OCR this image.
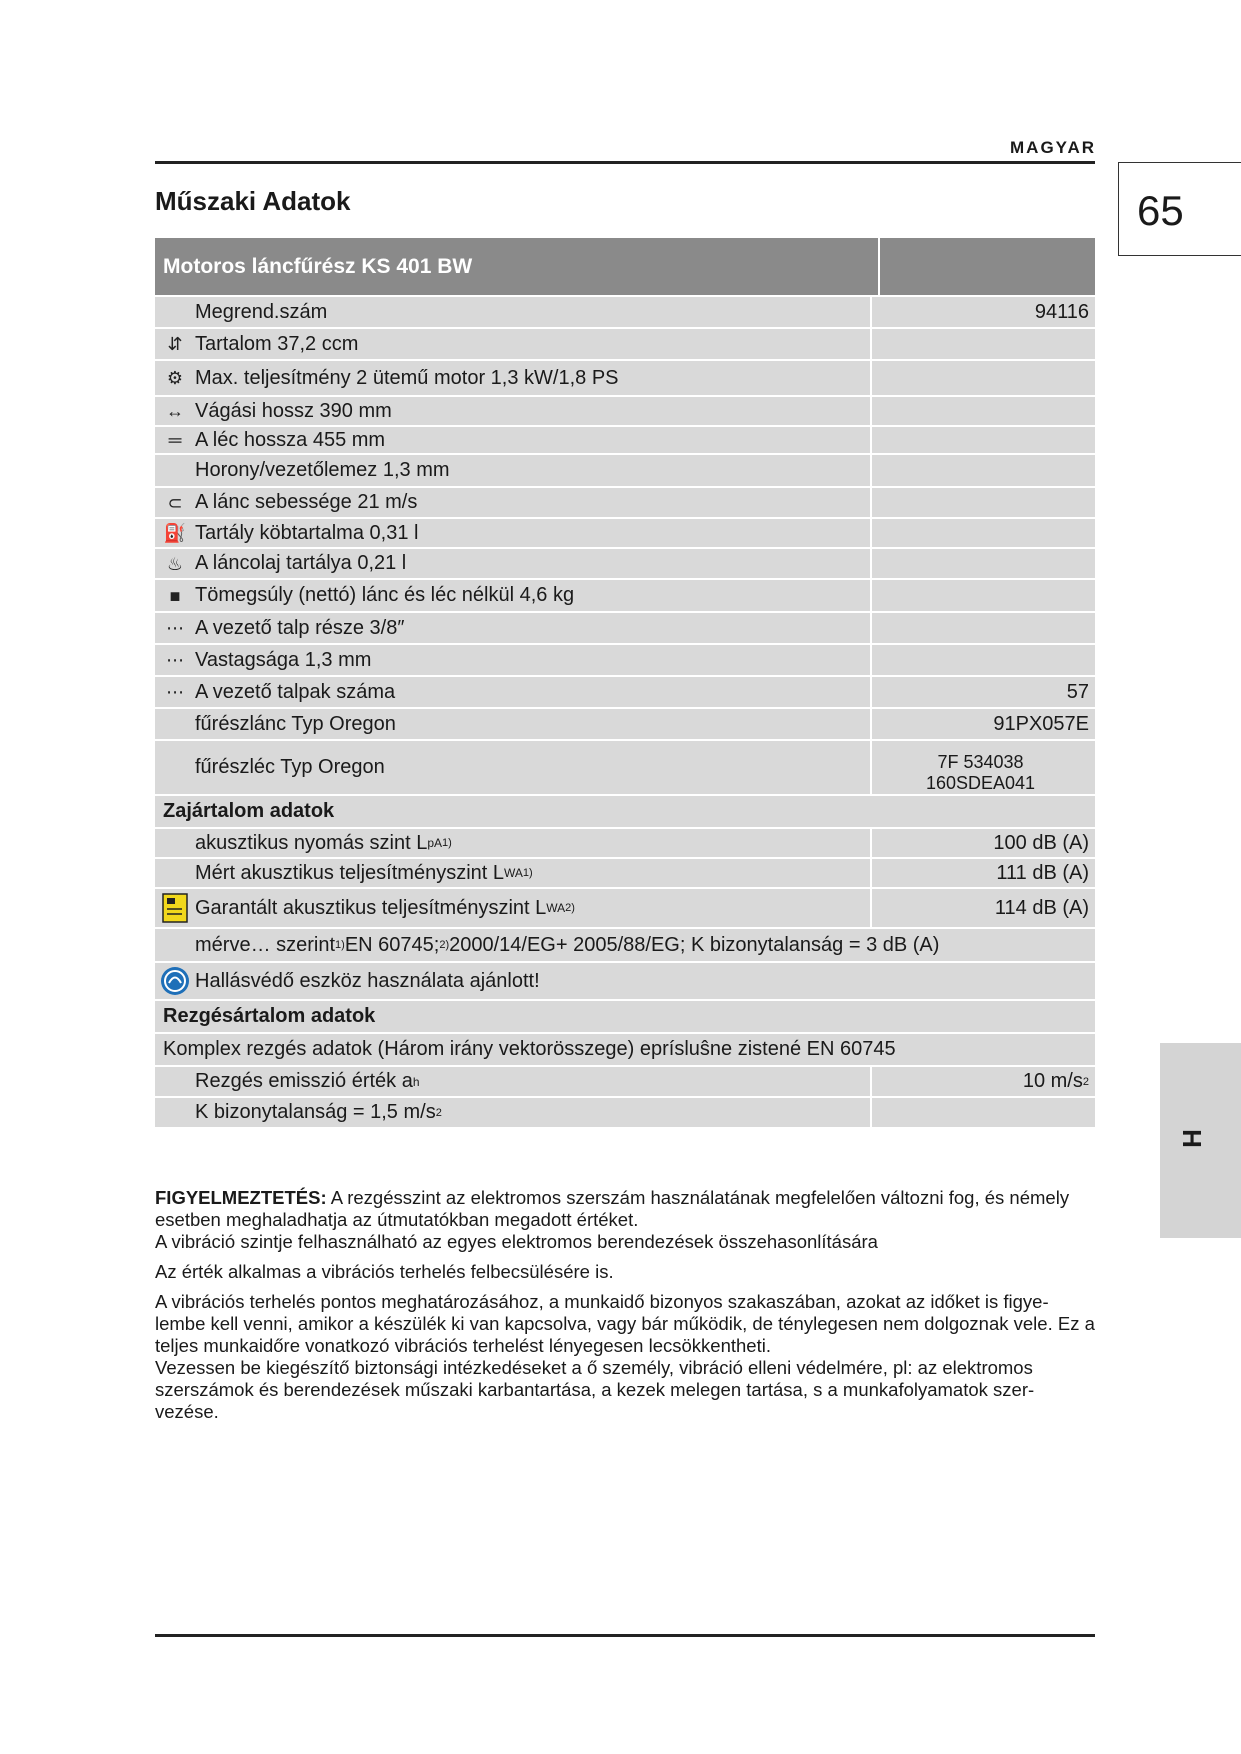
MAGYAR
Műszaki Adatok	65
H
Motoros láncfűrész KS 401 BW
Megrend.szám	94116
⇵ Tartalom 37,2 ccm
⚙ Max. teljesítmény 2 ütemű motor 1,3 kW/1,8 PS
↔ Vágási hossz 390 mm
═ A léc hossza 455 mm
Horony/vezetőlemez 1,3 mm
⊂ A lánc sebessége 21 m/s
⛽ Tartály köbtartalma 0,31 l
♨ A láncolaj tartálya 0,21 l
■ Tömegsúly (nettó) lánc és léc nélkül 4,6 kg
⋯ A vezető talp része 3/8″
⋯ Vastagsága 1,3 mm
⋯ A vezető talpak száma	57
fűrészlánc Typ Oregon	91PX057E
fűrészléc Typ Oregon	7F 534038
160SDEA041
Zajártalom adatok
akusztikus nyomás szint L pA 1)	100 dB (A)
Mért akusztikus teljesítményszint L WA 1)	111 dB (A)
Garantált akusztikus teljesítményszint L WA 2)	114 dB (A)
mérve… szerint 1) EN 60745; 2) 2000/14/EG+ 2005/88/EG; K bizonytalanság = 3 dB (A)
Hallásvédő eszköz használata ajánlott!
Rezgésártalom adatok
Komplex rezgés adatok (Három irány vektorösszege) eprísluŝne zistené EN 60745
Rezgés emisszió érték a h	10 m/s 2
K bizonytalanság = 1,5 m/s 2

FIGYELMEZTETÉS: A rezgésszint az elektromos szerszám használatának megfelelően változni fog, és némely esetben meghaladhatja az útmutatókban megadott értéket.

A vibráció szintje felhasználható az egyes elektromos berendezések összehasonlítására

Az érték alkalmas a vibrációs terhelés felbecsülésére is.

A vibrációs terhelés pontos meghatározásához, a munkaidő bizonyos szakaszában, azokat az időket is figye-lembe kell venni, amikor a készülék ki van kapcsolva, vagy bár működik, de ténylegesen nem dolgoznak vele. Ez a teljes munkaidőre vonatkozó vibrációs terhelést lényegesen lecsökkentheti.

Vezessen be kiegészítő biztonsági intézkedéseket a ő személy, vibráció elleni védelmére, pl: az elektromos szerszámok és berendezések műszaki karbantartása, a kezek melegen tartása, s a munkafolyamatok szer-vezése.
